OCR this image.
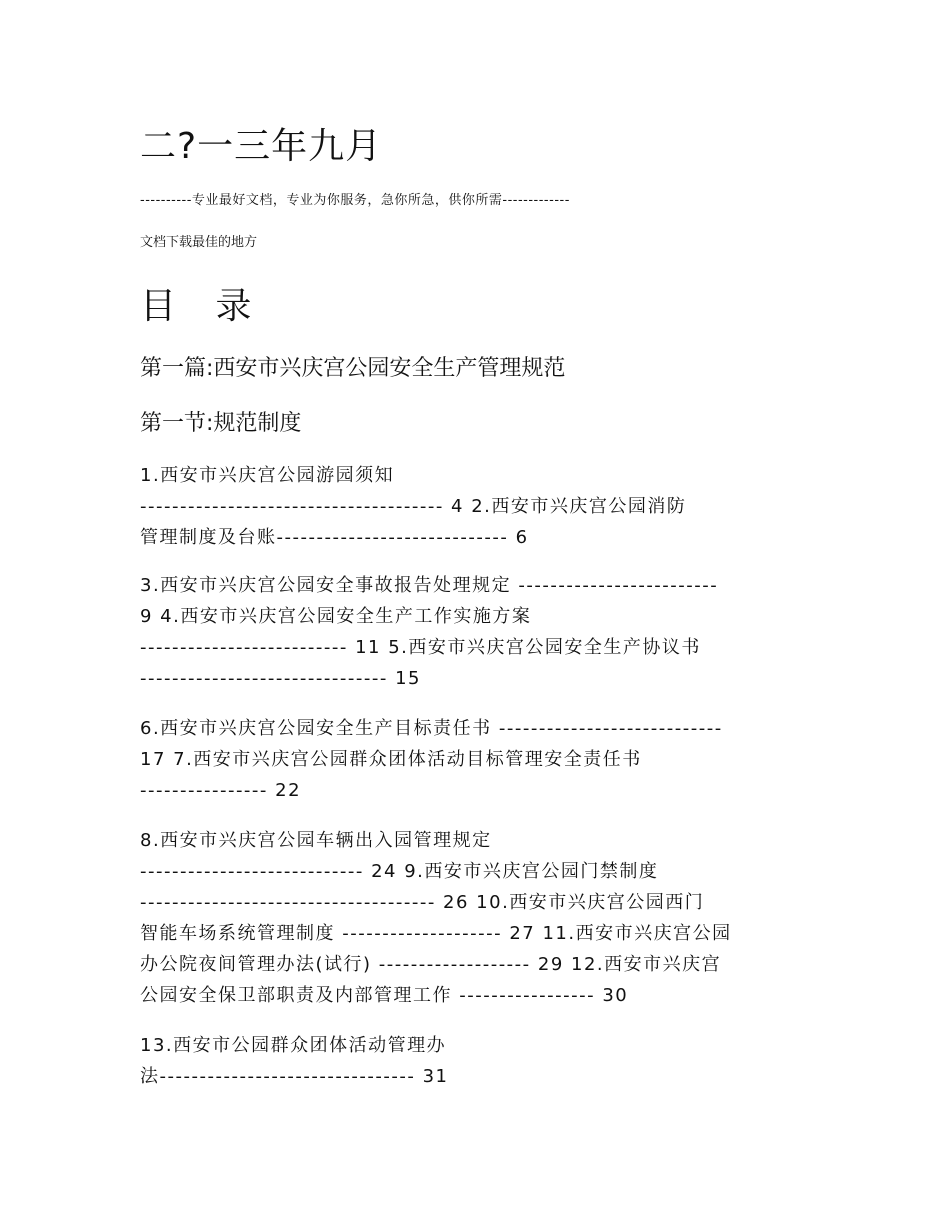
二?一三年九月
----------专业最好文档，专业为你服务，急你所急，供你所需-------------
文档下载最佳的地方
目 录
第一篇:西安市兴庆宫公园安全生产管理规范
第一节:规范制度
1.西安市兴庆宫公园游园须知
-------------------------------------- 4 2.西安市兴庆宫公园消防
管理制度及台账----------------------------- 6
3.西安市兴庆宫公园安全事故报告处理规定 -------------------------
9 4.西安市兴庆宫公园安全生产工作实施方案
-------------------------- 11 5.西安市兴庆宫公园安全生产协议书
------------------------------- 15
6.西安市兴庆宫公园安全生产目标责任书 ----------------------------
17 7.西安市兴庆宫公园群众团体活动目标管理安全责任书
---------------- 22
8.西安市兴庆宫公园车辆出入园管理规定
---------------------------- 24 9.西安市兴庆宫公园门禁制度
------------------------------------- 26 10.西安市兴庆宫公园西门
智能车场系统管理制度 -------------------- 27 11.西安市兴庆宫公园
办公院夜间管理办法(试行) ------------------- 29 12.西安市兴庆宫
公园安全保卫部职责及内部管理工作 ----------------- 30
13.西安市公园群众团体活动管理办
法-------------------------------- 31
